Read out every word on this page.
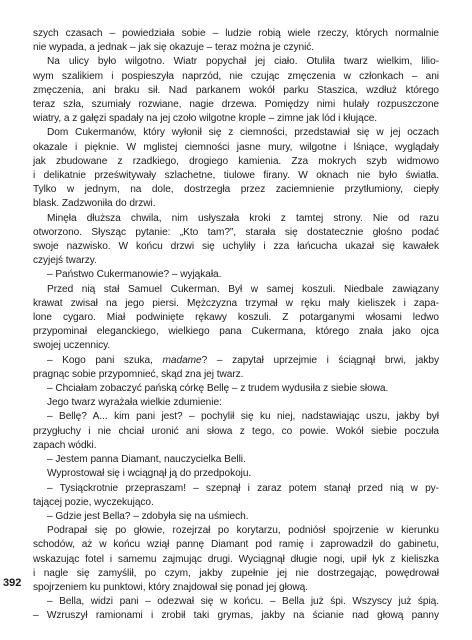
szych czasach – powiedziała sobie – ludzie robią wiele rzeczy, których normalnie

nie wypada, a jednak – jak się okazuje – teraz można je czynić.

Na ulicy było wilgotno. Wiatr popychał jej ciało. Otuliła twarz wielkim, lilio-

wym szalikiem i pospieszyła naprzód, nie czując zmęczenia w członkach – ani

zmęczenia, ani braku sił. Nad parkanem wokół parku Staszica, wzdłuż którego

teraz szła, szumiały rozwiane, nagie drzewa. Pomiędzy nimi hulały rozpuszczone

wiatry, a z gałęzi spadały na jej czoło wilgotne krople – zimne jak lód i kłujące.

Dom Cukermanów, który wyłonił się z ciemności, przedstawiał się w jej oczach

okazale i pięknie. W mglistej ciemności jasne mury, wilgotne i lśniące, wyglądały

jak zbudowane z rzadkiego, drogiego kamienia. Zza mokrych szyb widmowo

i delikatnie prześwitywały szlachetne, tiulowe firany. W oknach nie było światła.

Tylko w jednym, na dole, dostrzegła przez zaciemnienie przytłumiony, ciepły

blask. Zadzwoniła do drzwi.

Minęła dłuższa chwila, nim usłyszała kroki z tamtej strony. Nie od razu

otworzono. Słysząc pytanie: „Kto tam?”, starała się dostatecznie głośno podać

swoje nazwisko. W końcu drzwi się uchyliły i zza łańcucha ukazał się kawałek

czyjejś twarzy.

– Państwo Cukermanowie? – wyjąkała.

Przed nią stał Samuel Cukerman. Był w samej koszuli. Niedbale zawiązany

krawat zwisał na jego piersi. Mężczyzna trzymał w ręku mały kieliszek i zapa-

lone cygaro. Miał podwinięte rękawy koszuli. Z potarganymi włosami ledwo

przypominał eleganckiego, wielkiego pana Cukermana, którego znała jako ojca

swojej uczennicy.

– Kogo pani szuka, madame? – zapytał uprzejmie i ściągnął brwi, jakby

pragnąc sobie przypomnieć, skąd zna jej twarz.

– Chciałam zobaczyć pańską córkę Bellę – z trudem wydusiła z siebie słowa.

Jego twarz wyrażała wielkie zdumienie:

– Bellę? A... kim pani jest? – pochylił się ku niej, nadstawiając uszu, jakby był

przygłuchy i nie chciał uronić ani słowa z tego, co powie. Wokół siebie poczuła

zapach wódki.

– Jestem panna Diamant, nauczycielka Belli.

Wyprostował się i wciągnął ją do przedpokoju.

– Tysiąckrotnie przepraszam! – szepnął i zaraz potem stanął przed nią w py-

tającej pozie, wyczekująco.

– Gdzie jest Bella? – zdobyła się na uśmiech.

Podrapał się po głowie, rozejrzał po korytarzu, podniósł spojrzenie w kierunku

schodów, aż w końcu wziął pannę Diamant pod ramię i zaprowadził do gabinetu,

wskazując fotel i samemu zajmując drugi. Wyciągnął długie nogi, upił łyk z kieliszka

i nagle się zamyślił, po czym, jakby zupełnie jej nie dostrzegając, powędrował

spojrzeniem ku punktowi, który znajdował się ponad jej głową.

– Bella, widzi pani – odezwał się w końcu. – Bella już śpi. Wszyscy już śpią.

– Wzruszył ramionami i zrobił taki grymas, jakby na ścianie nad głową panny

392
